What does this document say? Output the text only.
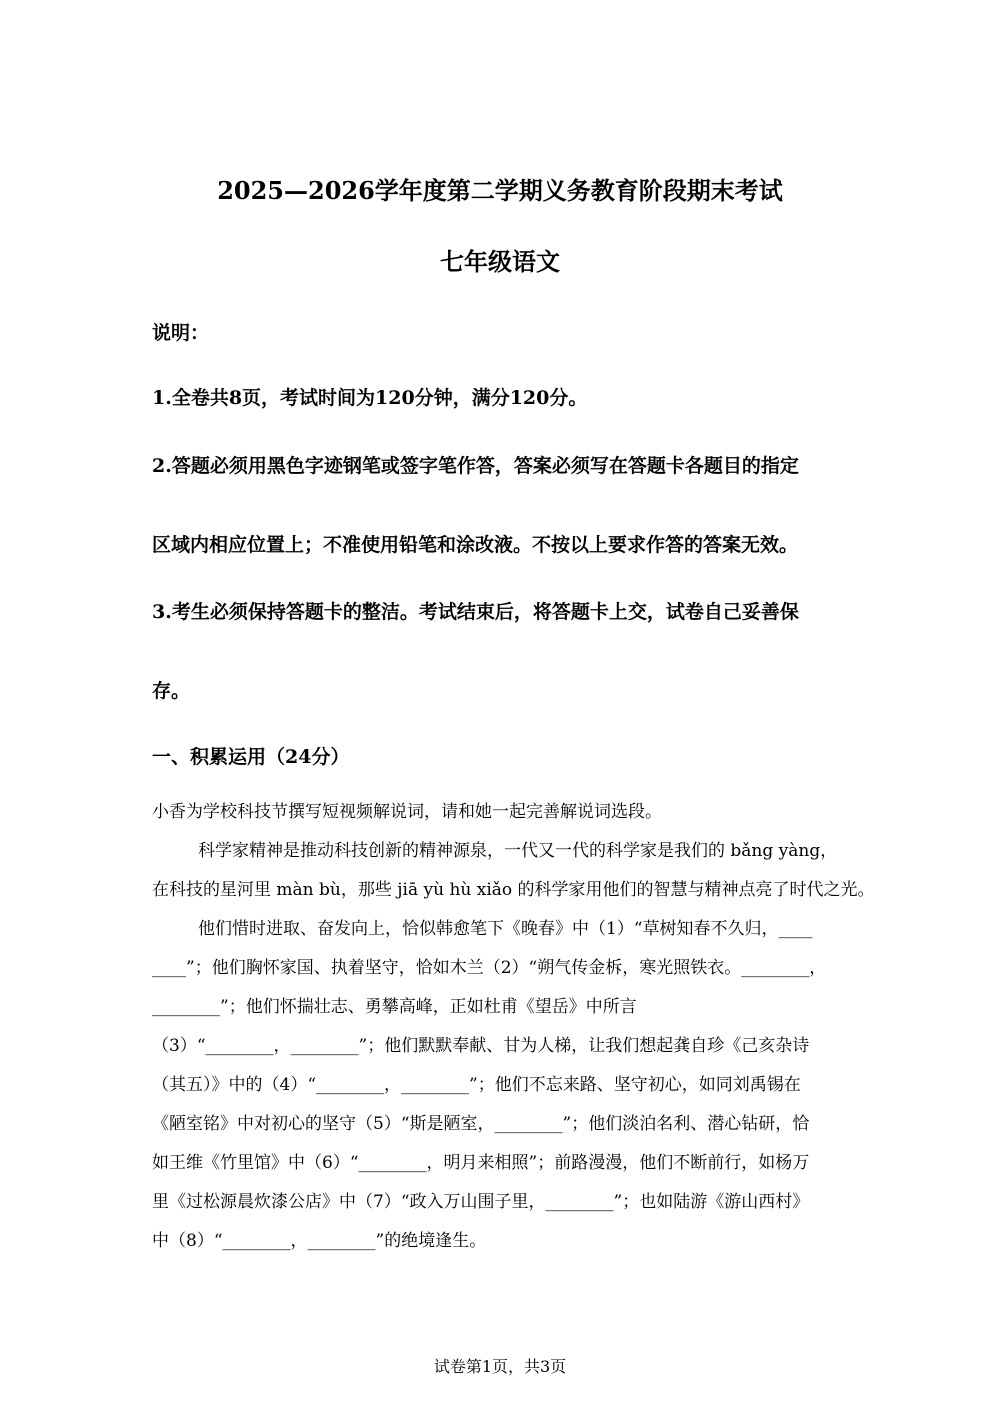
2025—2026学年度第二学期义务教育阶段期末考试
七年级语文
说明：
1.全卷共8页，考试时间为120分钟，满分120分。
2.答题必须用黑色字迹钢笔或签字笔作答，答案必须写在答题卡各题目的指定
区域内相应位置上；不准使用铅笔和涂改液。不按以上要求作答的答案无效。
3.考生必须保持答题卡的整洁。考试结束后，将答题卡上交，试卷自己妥善保
存。
一、积累运用（24分）
小香为学校科技节撰写短视频解说词，请和她一起完善解说词选段。
科学家精神是推动科技创新的精神源泉，一代又一代的科学家是我们的 bǎng yàng，
在科技的星河里 màn bù，那些 jiā yù hù xiǎo 的科学家用他们的智慧与精神点亮了时代之光。
他们惜时进取、奋发向上，恰似韩愈笔下《晚春》中（1）“草树知春不久归，____
____”；他们胸怀家国、执着坚守，恰如木兰（2）“朔气传金柝，寒光照铁衣。________，
________”；他们怀揣壮志、勇攀高峰，正如杜甫《望岳》中所言
（3）“________，________”；他们默默奉献、甘为人梯，让我们想起龚自珍《己亥杂诗
（其五）》中的（4）“________，________”；他们不忘来路、坚守初心，如同刘禹锡在
《陋室铭》中对初心的坚守（5）“斯是陋室，________”；他们淡泊名利、潜心钻研，恰
如王维《竹里馆》中（6）“________，明月来相照”；前路漫漫，他们不断前行，如杨万
里《过松源晨炊漆公店》中（7）“政入万山围子里，________”；也如陆游《游山西村》
中（8）“________，________”的绝境逢生。
试卷第1页，共3页
